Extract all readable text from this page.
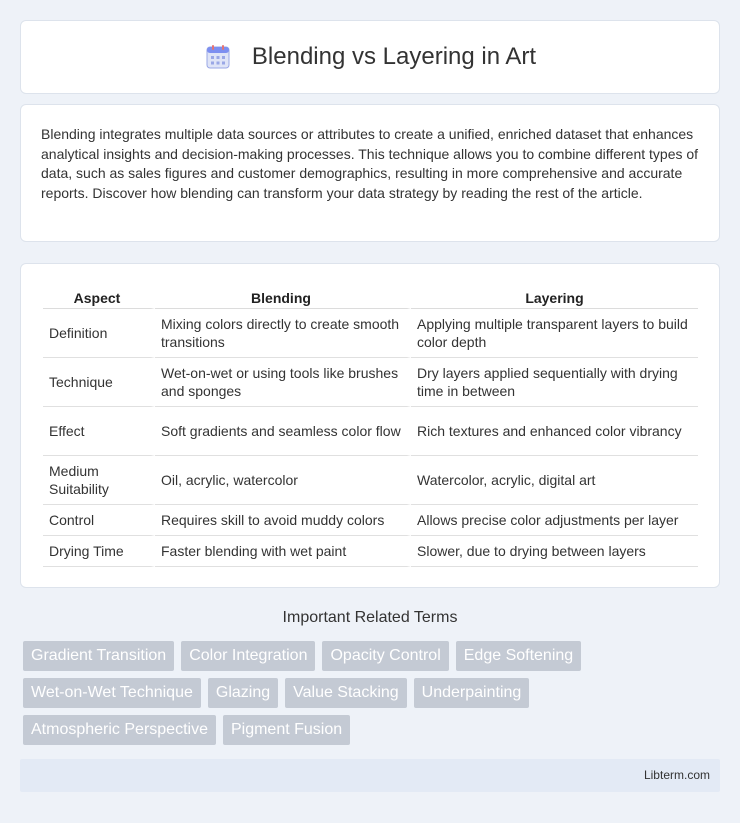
Blending vs Layering in Art

Blending integrates multiple data sources or attributes to create a unified, enriched dataset that enhances analytical insights and decision-making processes. This technique allows you to combine different types of data, such as sales figures and customer demographics, resulting in more comprehensive and accurate reports. Discover how blending can transform your data strategy by reading the rest of the article.

Aspect	Blending	Layering
Definition	Mixing colors directly to create smooth transitions	Applying multiple transparent layers to build color depth
Technique	Wet-on-wet or using tools like brushes and sponges	Dry layers applied sequentially with drying time in between
Effect	Soft gradients and seamless color flow	Rich textures and enhanced color vibrancy
Medium Suitability	Oil, acrylic, watercolor	Watercolor, acrylic, digital art
Control	Requires skill to avoid muddy colors	Allows precise color adjustments per layer
Drying Time	Faster blending with wet paint	Slower, due to drying between layers
Important Related Terms
Gradient Transition	Color Integration	Opacity Control	Edge Softening
Wet-on-Wet Technique	Glazing	Value Stacking	Underpainting
Atmospheric Perspective	Pigment Fusion
Libterm.com
